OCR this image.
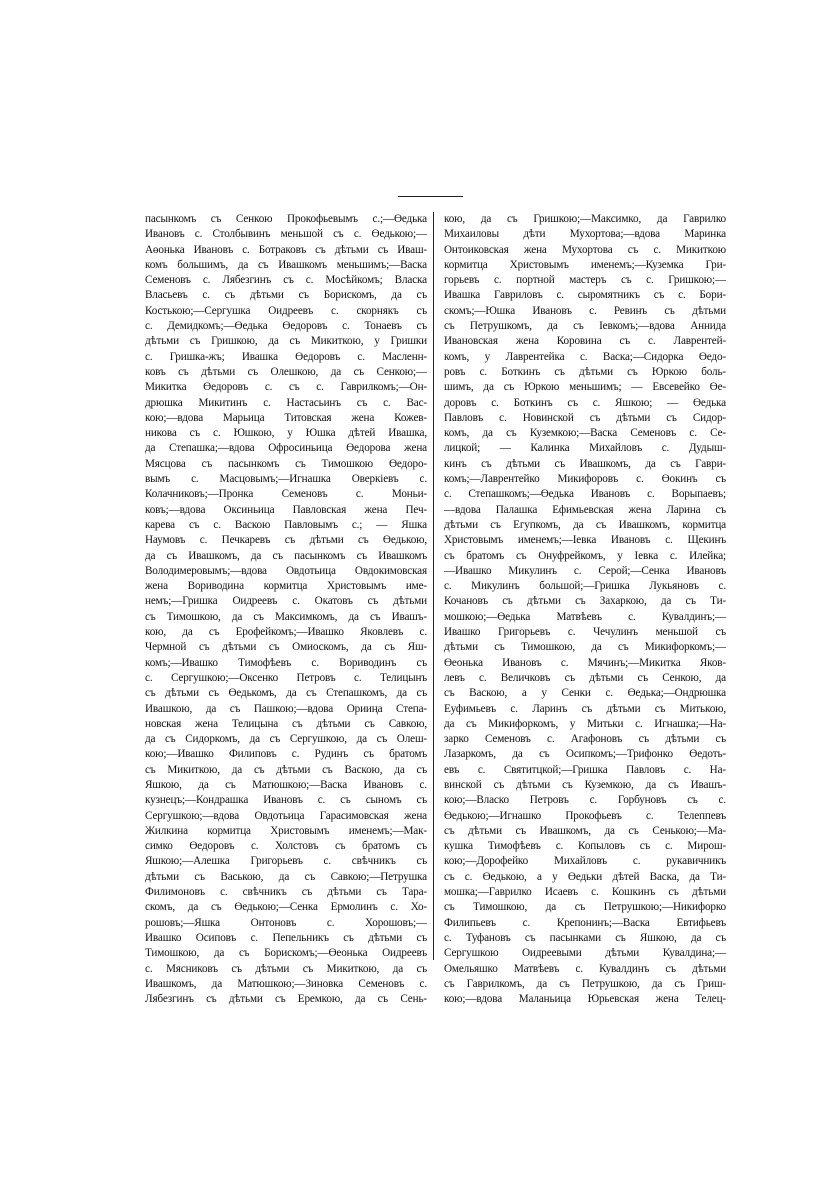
пасынкомъ съ Сенкою Прокофьевымъ с.;—Өедька
Ивановъ с. Столбывинъ меньшой съ с. Өедькою;—
Аөонька Ивановъ с. Ботраковъ съ дѣтьми съ Иваш-
комъ большимъ, да съ Ивашкомъ меньшимъ;—Васка
Семеновъ с. Лябезгинъ съ с. Мосѣйкомъ; Власка
Власьевъ с. съ дѣтьми съ Борискомъ, да съ
Костькою;—Сергушка Оидреевъ с. скорнякъ съ
с. Демидкомъ;—Өедька Өедоровъ с. Тонаевъ съ
дѣтьми съ Гришкою, да съ Микиткою, у Гришки
с. Гришка-жъ; Ивашка Өедоровъ с. Масленн-
ковъ съ дѣтьми съ Олешкою, да съ Сенкою;—
Микитка Өедоровъ с. съ с. Гаврилкомъ;—Он-
дрюшка Микитинъ с. Настасьинъ съ с. Вас-
кою;—вдова Марьица Титовская жена Кожев-
никова съ с. Юшкою, у Юшка дѣтей Ивашка,
да Степашка;—вдова Офросиньица Өедорова жена
Мясцова съ пасынкомъ съ Тимошкою Өедоро-
вымъ с. Масцовымъ;—Игнашка Оверкіевъ с.
Колачниковъ;—Пронка Семеновъ с. Моньи-
ковъ;—вдова Оксиньица Павловская жена Печ-
карева съ с. Васкою Павловымъ с.; — Яшка
Наумовъ с. Печкаревъ съ дѣтьми съ Өедькою,
да съ Ивашкомъ, да съ пасынкомъ съ Ивашкомъ
Володимеровымъ;—вдова Овдотьица Овдокимовская
жена Вориводина кормитца Христовымъ име-
немъ;—Гришка Оидреевъ с. Окатовъ съ дѣтьми
съ Тимошкою, да съ Максимкомъ, да съ Ивашъ-
кою, да съ Ерофейкомъ;—Ивашко Яковлевъ с.
Чермной съ дѣтьми съ Омиоскомъ, да съ Яш-
комъ;—Ивашко Тимофѣевъ с. Вориводинъ съ
с. Сергушкою;—Оксенко Петровъ с. Телицынъ
съ дѣтьми съ Өедькомъ, да съ Степашкомъ, да съ
Ивашкою, да съ Пашкою;—вдова Орииңа Степа-
новская жена Телицына съ дѣтьми съ Савкою,
да съ Сидоркомъ, да съ Сергушкою, да съ Олеш-
кою;—Ивашко Филиповъ с. Рудинъ съ братомъ
съ Микиткою, да съ дѣтьми съ Васкою, да съ
Яшкою, да съ Матюшкою;—Васка Ивановъ с.
кузнецъ;—Кондрашка Ивановъ с. съ сыномъ съ
Сергушкою;—вдова Овдотьица Гарасимовская жена
Жилкина кормитца Христовымъ именемъ;—Мак-
симко Өедоровъ с. Холстовъ съ братомъ съ
Яшкою;—Алешка Григорьевъ с. свѣчникъ съ
дѣтьми съ Ваською, да съ Савкою;—Петрушка
Филимоновъ с. свѣчникъ съ дѣтьми съ Тара-
скомъ, да съ Өедькою;—Сенка Ермолинъ с. Хо-
рошовъ;—Яшка Онтоновъ с. Хорошовъ;—
Ивашко Осиповъ с. Пепельникъ съ дѣтьми съ
Тимошкою, да съ Борискомъ;—Өеонька Оидреевъ
с. Мясниковъ съ дѣтьми съ Микиткою, да съ
Ивашкомъ, да Матюшкою;—Зиновка Семеновъ с.
Лябезгинъ съ дѣтьми съ Еремкою, да съ Сень-
кою, да съ Гришкою;—Максимко, да Гаврилко
Михаиловы дѣти Мухортова;—вдова Маринка
Онтоиковская жена Мухортова съ с. Микиткою
кормитца Христовымъ именемъ;—Куземка Гри-
горьевъ с. портной мастеръ съ с. Гришкою;—
Ивашка Гавриловъ с. сыромятникъ съ с. Бори-
скомъ;—Юшка Ивановъ с. Ревинъ съ дѣтьми
съ Петрушкомъ, да съ Іевкомъ;—вдова Аннида
Ивановская жена Коровина съ с. Лаврентей-
комъ, у Лаврентейка с. Васка;—Сидорка Өедо-
ровъ с. Боткинъ съ дѣтьми съ Юркою боль-
шимъ, да съ Юркою меньшимъ; — Евсевейко Өе-
доровъ с. Боткинъ съ с. Яшкою; — Өедька
Павловъ с. Новинской съ дѣтьми съ Сидор-
комъ, да съ Куземкою;—Васка Семеновъ с. Се-
лицкой; — Калинка Михайловъ с. Дудыш-
кинъ съ дѣтьми съ Ивашкомъ, да съ Гаври-
комъ;—Лаврентейко Микифоровъ с. Өокинъ съ
с. Степашкомъ;—Өедька Ивановъ с. Ворыпаевъ;
—вдова Палашка Ефимьевская жена Ларина съ
дѣтьми съ Егупкомъ, да съ Ивашкомъ, кормитца
Христовымъ именемъ;—Іевка Ивановъ с. Щекинъ
съ братомъ съ Онуфрейкомъ, у Іевка с. Илейка;
—Ивашко Микулинъ с. Серой;—Сенка Ивановъ
с. Микулинъ большой;—Гришка Лукьяновъ с.
Кочановъ съ дѣтьми съ Захаркою, да съ Ти-
мошкою;—Өедька Матвѣевъ с. Кувалдинъ;—
Ивашко Григорьевъ с. Чечулинъ меньшой съ
дѣтьми съ Тимошкою, да съ Микифоркомъ;—
Өеонька Ивановъ с. Мячинъ;—Микитка Яков-
левъ с. Величковъ съ дѣтьми съ Сенкою, да
съ Васкою, а у Сенки с. Өедька;—Ондрюшка
Еуфимьевъ с. Ларинъ съ дѣтьми съ Митькою,
да съ Микифоркомъ, у Митьки с. Игнашка;—На-
зарко Семеновъ с. Агафоновъ съ дѣтьми съ
Лазаркомъ, да съ Осипкомъ;—Трифонко Өедоть-
евъ с. Святитцкой;—Гришка Павловъ с. На-
винской съ дѣтьми съ Куземкою, да съ Ивашъ-
кою;—Власко Петровъ с. Горбуновъ съ с.
Өедькою;—Игнашко Прокофьевъ с. Телеппевъ
съ дѣтьми съ Ивашкомъ, да съ Сенькою;—Ма-
кушка Тимофѣевъ с. Копыловъ съ с. Мирош-
кою;—Дорофейко Михайловъ с. рукавичникъ
съ с. Өедькою, а у Өедьки дѣтей Васка, да Ти-
мошка;—Гаврилко Исаевъ с. Кошкинъ съ дѣтьми
съ Тимошкою, да съ Петрушкою;—Никифорко
Филипьевъ с. Крепонинъ;—Васка Евтифьевъ
с. Туфановъ съ пасынками съ Яшкою, да съ
Сергушкою Оидреевыми дѣтьми Кувалдина;—
Омельяшко Матвѣевъ с. Кувалдинъ съ дѣтьми
съ Гаврилкомъ, да съ Петрушкою, да съ Гриш-
кою;—вдова Маланьица Юрьевская жена Телец-
